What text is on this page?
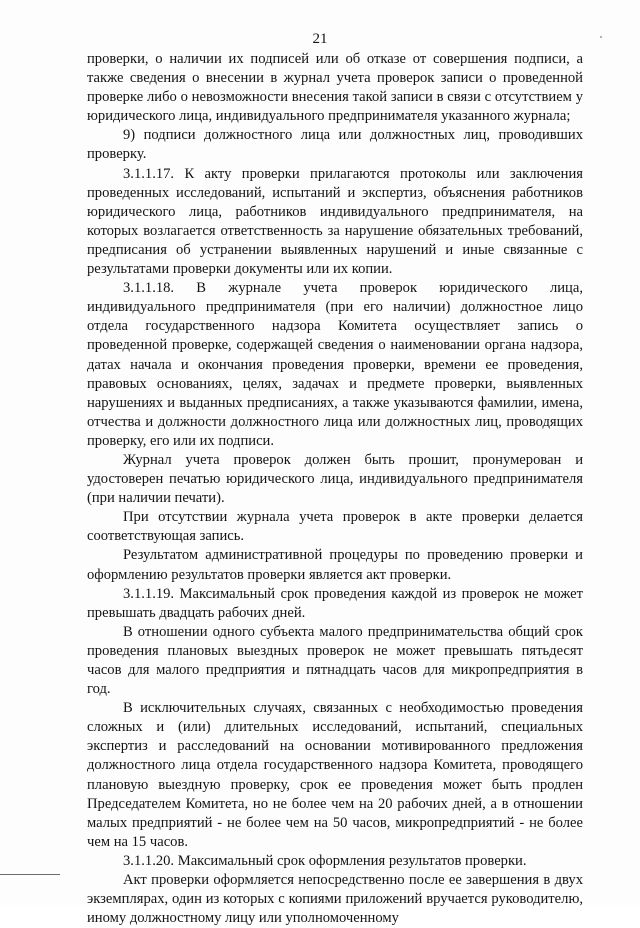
21

проверки, о наличии их подписей или об отказе от совершения подписи, а также сведения о внесении в журнал учета проверок записи о проведенной проверке либо о невозможности внесения такой записи в связи с отсутствием у юридического лица, индивидуального предпринимателя указанного журнала;

9) подписи должностного лица или должностных лиц, проводивших проверку.

3.1.1.17. К акту проверки прилагаются протоколы или заключения проведенных исследований, испытаний и экспертиз, объяснения работников юридического лица, работников индивидуального предпринимателя, на которых возлагается ответственность за нарушение обязательных требований, предписания об устранении выявленных нарушений и иные связанные с результатами проверки документы или их копии.

3.1.1.18. В журнале учета проверок юридического лица, индивидуального предпринимателя (при его наличии) должностное лицо отдела государственного надзора Комитета осуществляет запись о проведенной проверке, содержащей сведения о наименовании органа надзора, датах начала и окончания проведения проверки, времени ее проведения, правовых основаниях, целях, задачах и предмете проверки, выявленных нарушениях и выданных предписаниях, а также указываются фамилии, имена, отчества и должности должностного лица или должностных лиц, проводящих проверку, его или их подписи.

Журнал учета проверок должен быть прошит, пронумерован и удостоверен печатью юридического лица, индивидуального предпринимателя (при наличии печати).

При отсутствии журнала учета проверок в акте проверки делается соответствующая запись.

Результатом административной процедуры по проведению проверки и оформлению результатов проверки является акт проверки.

3.1.1.19. Максимальный срок проведения каждой из проверок не может превышать двадцать рабочих дней.

В отношении одного субъекта малого предпринимательства общий срок проведения плановых выездных проверок не может превышать пятьдесят часов для малого предприятия и пятнадцать часов для микропредприятия в год.

В исключительных случаях, связанных с необходимостью проведения сложных и (или) длительных исследований, испытаний, специальных экспертиз и расследований на основании мотивированного предложения должностного лица отдела государственного надзора Комитета, проводящего плановую выездную проверку, срок ее проведения может быть продлен Председателем Комитета, но не более чем на 20 рабочих дней, а в отношении малых предприятий - не более чем на 50 часов, микропредприятий - не более чем на 15 часов.

3.1.1.20. Максимальный срок оформления результатов проверки.

Акт проверки оформляется непосредственно после ее завершения в двух экземплярах, один из которых с копиями приложений вручается руководителю, иному должностному лицу или уполномоченному
